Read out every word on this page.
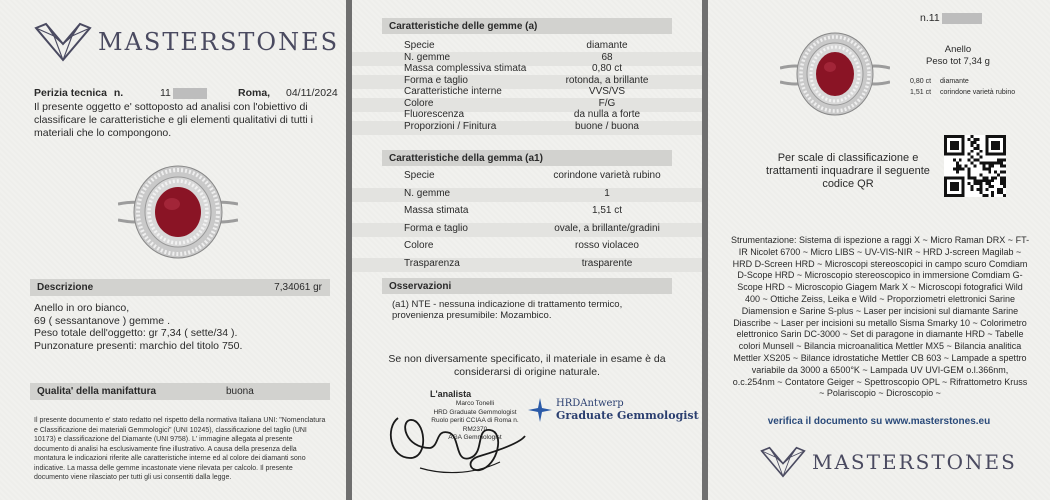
MASTERSTONES
Perizia tecnica n.	11	Roma, 04/11/2024
Il presente oggetto e' sottoposto ad analisi con l'obiettivo di classificare le caratteristiche e gli elementi qualitativi di tutti i materiali che lo compongono.
Descrizione	7,34061 gr
Anello in oro bianco,
69 ( sessantanove ) gemme .
Peso totale dell'oggetto: gr 7,34 ( sette/34 ).
Punzonature presenti: marchio del titolo 750.
Qualita' della manifattura	buona
Il presente documento e' stato redatto nel rispetto della normativa Italiana UNI: "Nomenclatura e Classificazione dei materiali Gemmologici" (UNI 10245), classificazione del taglio (UNI 10173) e classificazione del Diamante (UNI 9758). L' immagine allegata al presente documento di analisi ha esclusivamente fine illustrativo. A causa della presenza della montatura le indicazioni riferite alle caratteristiche interne ed al colore dei diamanti sono indicative. La massa delle gemme incastonate viene rilevata per calcolo. Il presente documento viene rilasciato per tutti gli usi consentiti dalla legge.
Caratteristiche delle gemme (a)
Specie	diamante
N. gemme	68
Massa complessiva stimata	0,80 ct
Forma e taglio	rotonda, a brillante
Caratteristiche interne	VVS/VS
Colore	F/G
Fluorescenza	da nulla a forte
Proporzioni / Finitura	buone / buona
Caratteristiche della gemma (a1)
Specie	corindone varietà rubino
N. gemme	1
Massa stimata	1,51 ct
Forma e taglio	ovale, a brillante/gradini
Colore	rosso violaceo
Trasparenza	trasparente
Osservazioni
(a1) NTE - nessuna indicazione di trattamento termico,
provenienza presumibile: Mozambico.
Se non diversamente specificato, il materiale in esame è da
considerarsi di origine naturale.
L'analista
Marco Tonelli
HRD Graduate Gemmologist
Ruolo periti CCIAA di Roma n. RM2370
AGA Gemmologist
HRDAntwerp
Graduate Gemmologist
n.11
Anello
Peso tot 7,34 g
0,80 ct diamante
1,51 ct corindone varietà rubino
Per scale di classificazione e
trattamenti inquadrare il seguente
codice QR
Strumentazione: Sistema di ispezione a raggi X ~ Micro Raman DRX ~ FT-IR Nicolet 6700 ~ Micro LIBS ~ UV-VIS-NIR ~ HRD J-screen Magilab ~ HRD D-Screen HRD ~ Microscopi stereoscopici in campo scuro Comdiam D-Scope HRD ~ Microscopio stereoscopico in immersione Comdiam G-Scope HRD ~ Microscopio Giagem Mark X ~ Microscopi fotografici Wild 400 ~ Ottiche Zeiss, Leika e Wild ~ Proporziometri elettronici Sarine Diamension e Sarine S-plus ~ Laser per incisioni sul diamante Sarine Diascribe ~ Laser per incisioni su metallo Sisma Smarky 10 ~ Colorimetro elettronico Sarin DC-3000 ~ Set di paragone in diamante HRD ~ Tabelle colori Munsell ~ Bilancia microanalitica Mettler MX5 ~ Bilancia analitica Mettler XS205 ~ Bilance idrostatiche Mettler CB 603 ~ Lampade a spettro variabile da 3000 a 6500°K ~ Lampada UV UVI-GEM o.l.366nm, o.c.254nm ~ Contatore Geiger ~ Spettroscopio OPL ~ Rifrattometro Kruss ~ Polariscopio ~ Dicroscopio ~
verifica il documento su www.masterstones.eu
MASTERSTONES
